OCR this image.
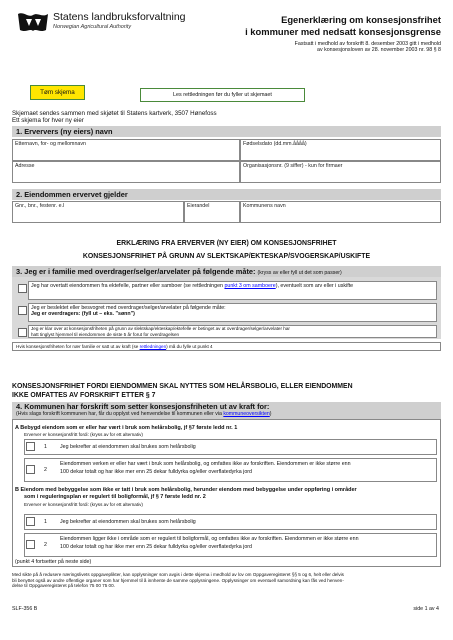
Statens landbruksforvaltning
Norwegian Agricultural Authority
Egenerklæring om konsesjonsfrihet
i kommuner med nedsatt konsesjonsgrense
Fastsatt i medhold av forskrift 8. desember 2003 gitt i medhold
av konsesjonsloven av 28. november 2003 nr. 98 § 8
Tøm skjema	Les rettledningen før du fyller ut skjemaet
Skjemaet sendes sammen med skjøtet til Statens kartverk, 3507 Hønefoss
Ett skjema for hver ny eier
1. Erververs (ny eiers) navn
Etternavn, for- og mellomnavn	Fødselsdato (dd.mm.åååå)
Adresse	Organisasjonsnr. (9 siffer) - kun for firmaer
2. Eiendommen ervervet gjelder
Gnr., bnr., festenr. e.l	Eierandel	Kommunens navn
ERKLÆRING FRA ERVERVER (NY EIER) OM KONSESJONSFRIHET
KONSESJONSFRIHET PÅ GRUNN AV SLEKTSKAP/EKTESKAP/SVOGERSKAP/USKIFTE
3. Jeg er i familie med overdrager/selger/arvelater på følgende måte: (kryss av eller fyll ut det som passer)
Jeg har overtatt eiendommen fra ektefelle, partner eller samboer (se rettledningen punkt 3 om samboere), eventuelt som arv eller i uskifte
Jeg er beslektet eller besvogret med overdrager/selger/arvelater på følgende måte:
Jeg er overdragers: (fyll ut – eks. "sønn")
Jeg er klar over at konsesjonsfriheten på grunn av slektskap/ekteskap/ektefelle er betinget av at overdrager/selger/arvelater har
hatt tinglyst hjemmel til eiendommen de siste 5 år forut for overdragelsen
Hvis konsesjonsfriheten for nær familie er satt ut av kraft (se rettledningen) må du fylle ut punkt 4
KONSESJONSFRIHET FORDI EIENDOMMEN SKAL NYTTES SOM HELÅRSBOLIG, ELLER EIENDOMMEN
IKKE OMFATTES AV FORSKRIFT ETTER § 7
4. Kommunen har forskrift som setter konsesjonsfriheten ut av kraft for:
(Hvis slags forskrift kommunen har, får du opplyst ved henvendelse til kommunen eller via kommuneoversikten)
A Bebygd eiendom som er eller har vært i bruk som helårsbolig, jf §7 første ledd nr. 1
Erverver er konsesjonsfritt fordi: (kryss av for ett alternativ)
1 Jeg bekrefter at eiendommen skal brukes som helårsbolig
2
Eiendommen verken er eller har vært i bruk som helårsbolig, og omfattes ikke av forskriften. Eiendommen er ikke større enn
100 dekar totalt og har ikke mer enn 25 dekar fulldyrka og/eller overflatedyrka jord
B Eiendom med bebyggelse som ikke er tatt i bruk som helårsbolig, herunder eiendom med bebyggelse under oppføring i områder
som i reguleringsplan er regulert til boligformål, jf § 7 første ledd nr. 2
Erverver er konsesjonsfritt fordi: (kryss av for ett alternativ)
1 Jeg bekrefter at eiendommen skal brukes som helårsbolig
2
Eiendommen ligger ikke i område som er regulert til boligformål, og omfattes ikke av forskriften. Eiendommen er ikke større enn
100 dekar totalt og har ikke mer enn 25 dekar fulldyrka og/eller overflatedyrka jord
(punkt 4 fortsetter på neste side)
Med sikte på å redusere næringslivets oppgaveplikter, kan opplysninger som avgis i dette skjema i medhold av lov om Oppgaveregisteret §§ 5 og 6, helt eller delvis
bli benyttet også av andre offentlige organer som har hjemmel til å innhente de samme opplysningene. Opplysninger om eventuell samordning kan fås ved henven-
delse til Oppgaveregisteret på telefon 75 00 75 00.
SLF-356 B	side 1 av 4
